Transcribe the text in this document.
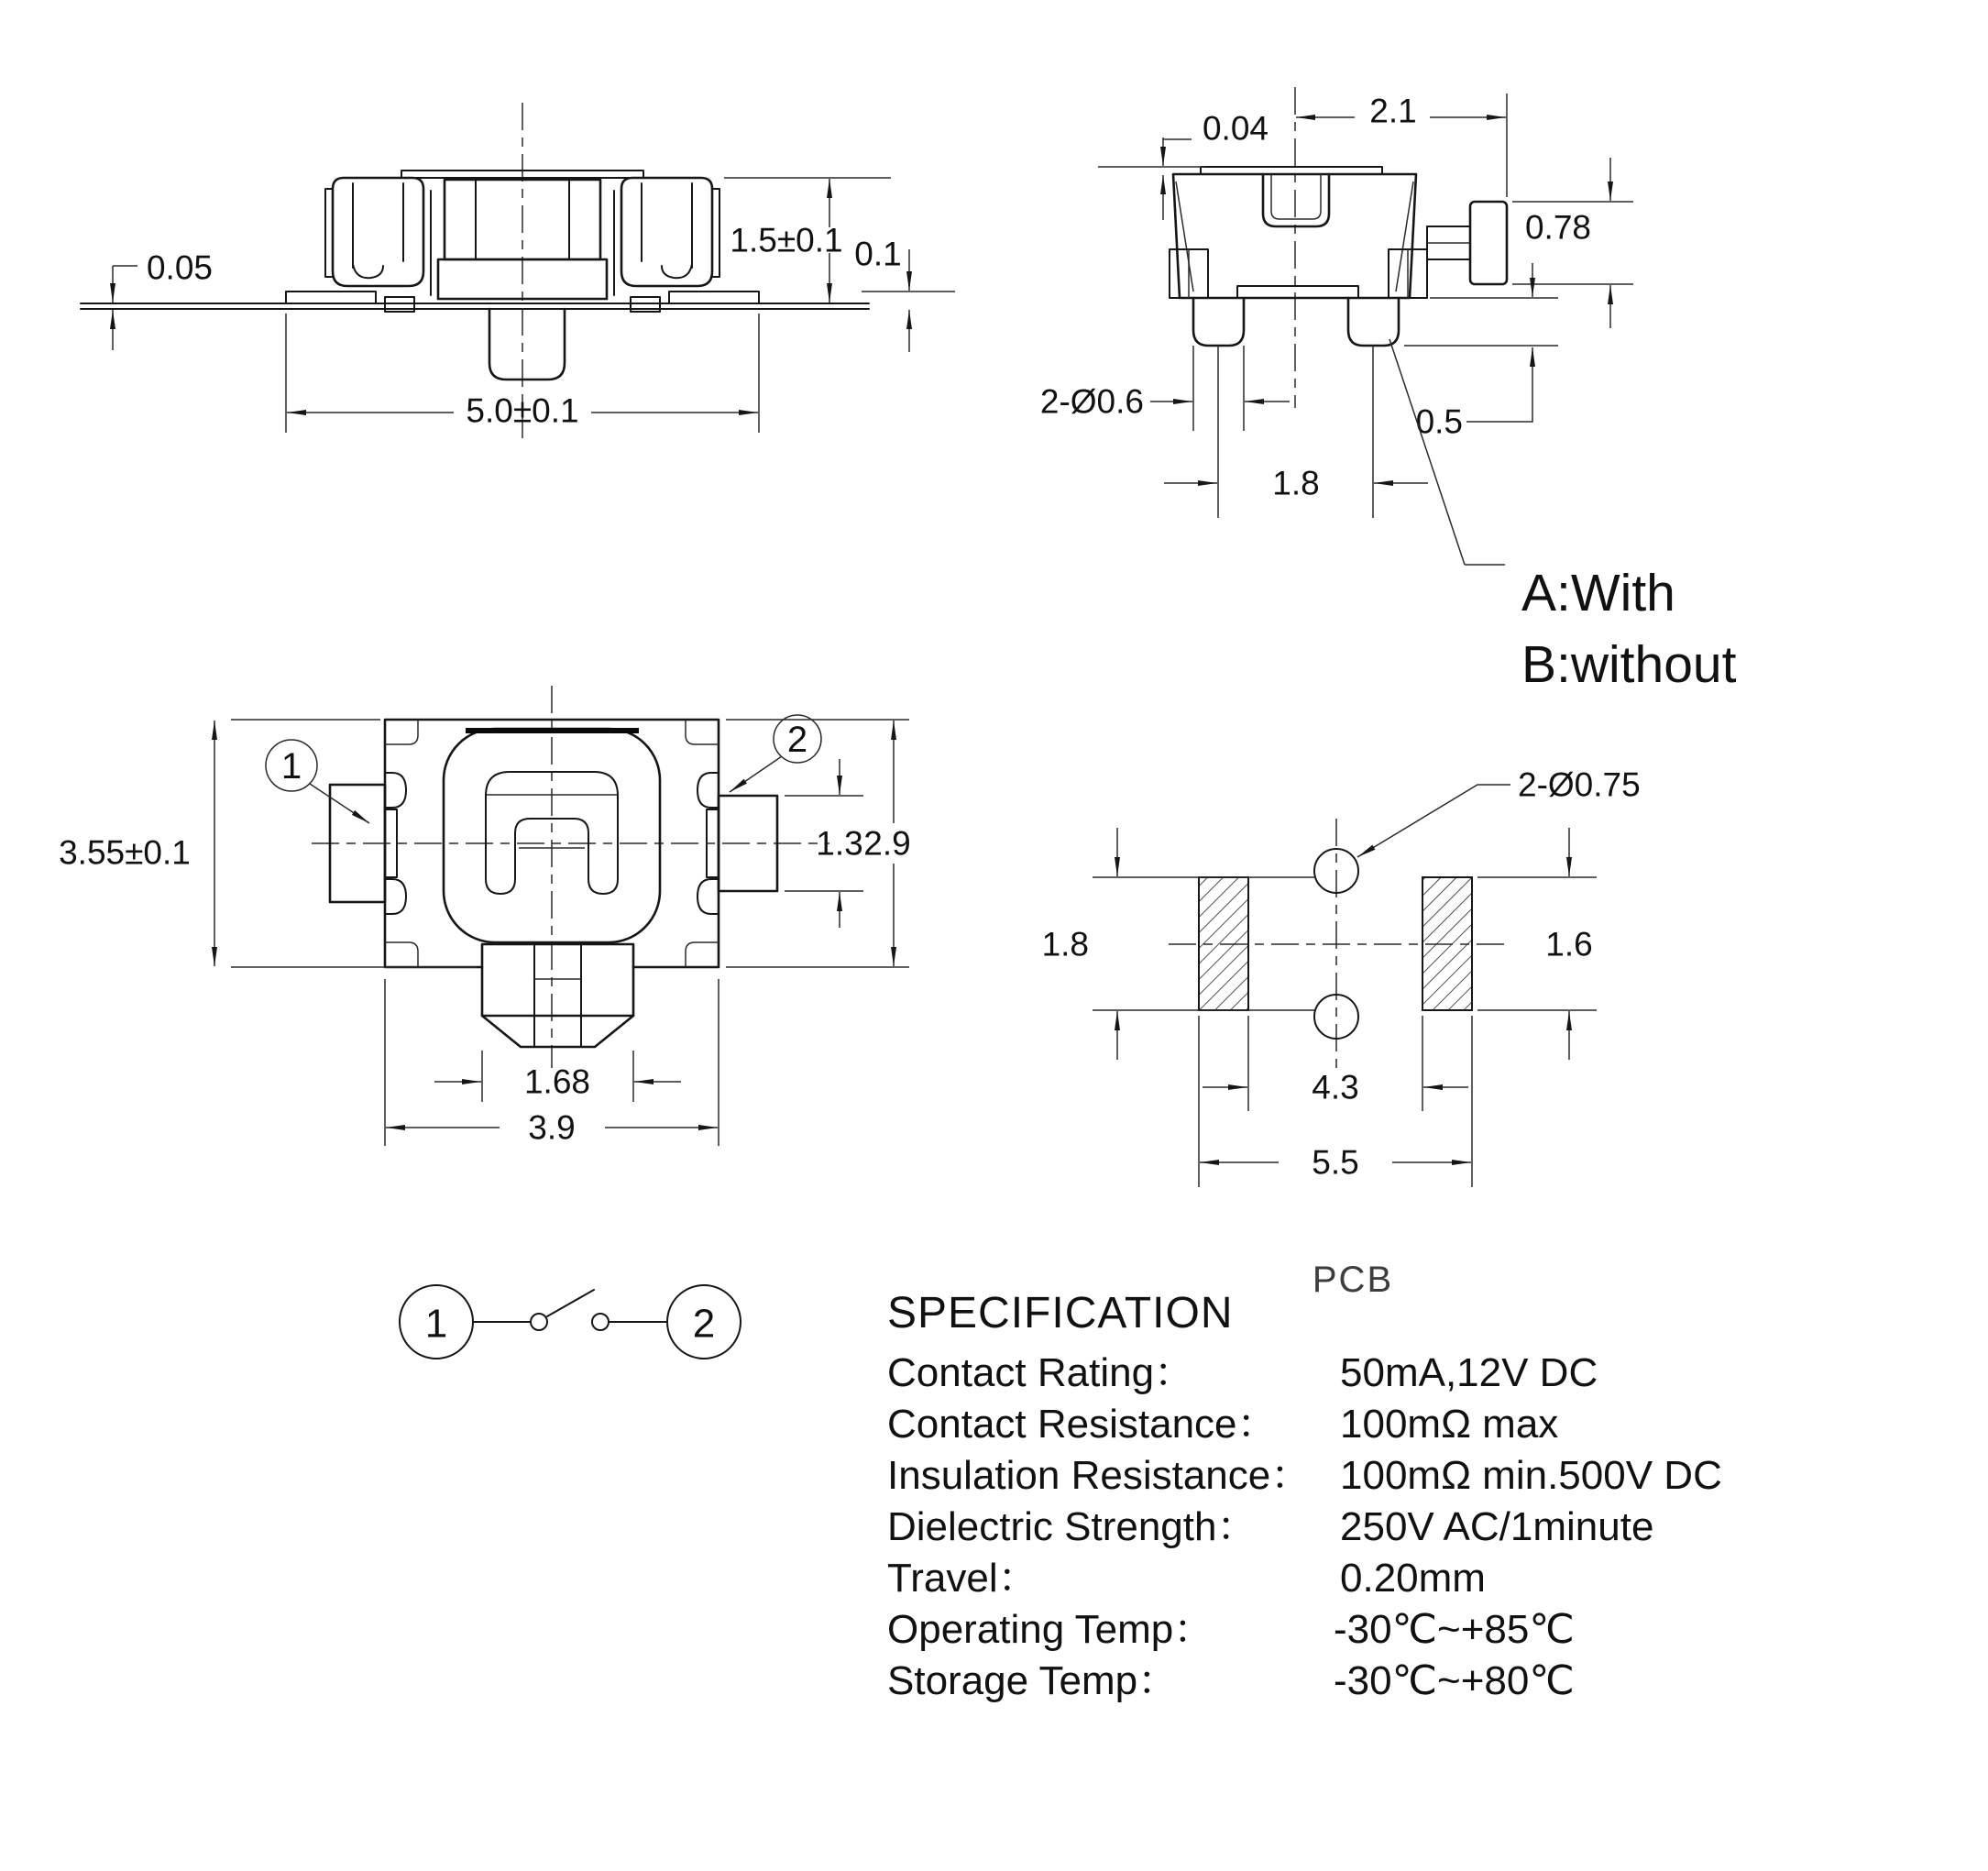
0.05
5.0±0.1
1.5±0.1 0.1
0.04	2.1
0.78
2-Ø0.6
1.8
0.5
A:With
B:without
1
2
3.55±0.1	1.3 2.9
1.68
3.9
2-Ø0.75
1.8	1.6
4.3
5.5
PCB
1	2	SPECIFICATION
Contact Rating：	50mA,12V DC
Contact Resistance： 100mΩ max
Insulation Resistance： 100mΩ min.500V DC
Dielectric Strength： 250V AC/1minute
Travel：	0.20mm
Operating Temp：	-30℃~+85℃
Storage Temp：	-30℃~+80℃
